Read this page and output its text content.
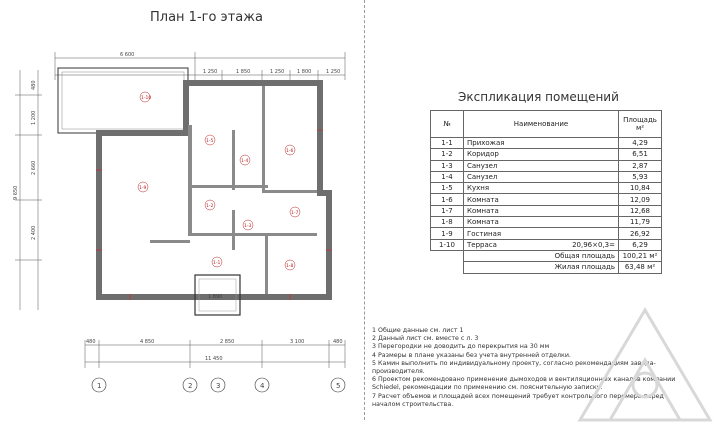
План 1-го этажа
6 600
1 250	1 850	1 250	1 800	1 250
480
1 200
2 660
2 400
9 650
1 890
1-10
1-9
1-2
1-3
1-4
1-5
1-6
1-7
1-8
1-1
480	4 850	2 850	3 100	480
11 450
1	2	3	4	5
Экспликация помещений
№	Наименование	Площадь м²
1-1	Прихожая	4,29
1-2	Коридор	6,51
1-3	Санузел	2,87
1-4	Санузел	5,93
1-5	Кухня	10,84
1-6	Комната	12,09
1-7	Комната	12,68
1-8	Комната	11,79
1-9	Гостиная	26,92
1-10	Терраса 20,96×0,3=	6,29
	Общая площадь	100,21 м²
	Жилая площадь	63,48 м²
1 Общие данные см. лист 1
2 Данный лист см. вместе с л. 3
3 Перегородки не доводить до перекрытия на 30 мм
4 Размеры в плане указаны без учета внутренней отделки.
5 Камин выполнить по индивидуальному проекту, согласно рекомендациям завода-
производителя.
6 Проектом рекомендовано применение дымоходов и вентиляционных каналов компании
Schiedel, рекомендации по применению см. пояснительную записку.
7 Расчет объемов и площадей всех помещений требует контрольного перемера перед
началом строительства.
